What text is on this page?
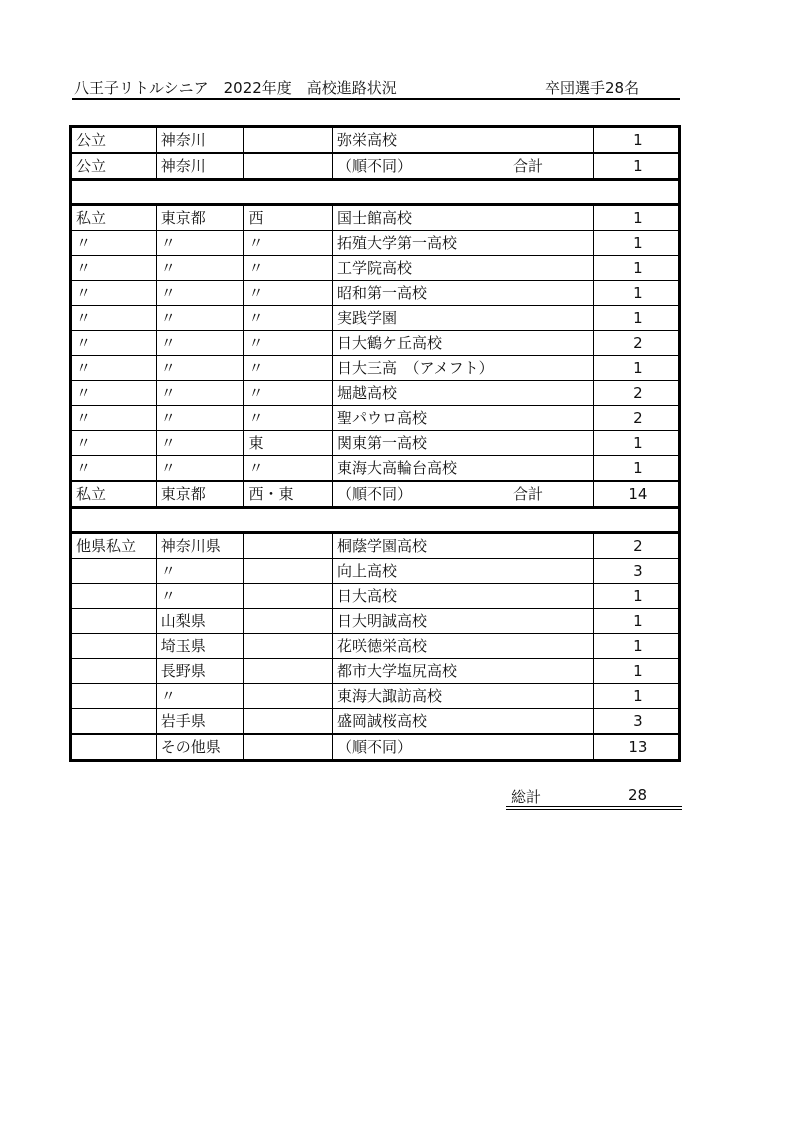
八王子リトルシニア　2022年度　高校進路状況	卒団選手28名
公立	神奈川		弥栄高校	1
公立	神奈川		（順不同） 合計	1

私立	東京都	西	国士館高校	1
〃	〃	〃	拓殖大学第一高校	1
〃	〃	〃	工学院高校	1
〃	〃	〃	昭和第一高校	1
〃	〃	〃	実践学園	1
〃	〃	〃	日大鶴ケ丘高校	2
〃	〃	〃	日大三高　（アメフト）	1
〃	〃	〃	堀越高校	2
〃	〃	〃	聖パウロ高校	2
〃	〃	東	関東第一高校	1
〃	〃	〃	東海大高輪台高校	1
私立	東京都	西・東	（順不同） 合計	14

他県私立	神奈川県		桐蔭学園高校	2
	〃		向上高校	3
	〃		日大高校	1
	山梨県		日大明誠高校	1
	埼玉県		花咲徳栄高校	1
	長野県		都市大学塩尻高校	1
	〃		東海大諏訪高校	1
	岩手県		盛岡誠桜高校	3
	その他県		（順不同）	13
総計	28
